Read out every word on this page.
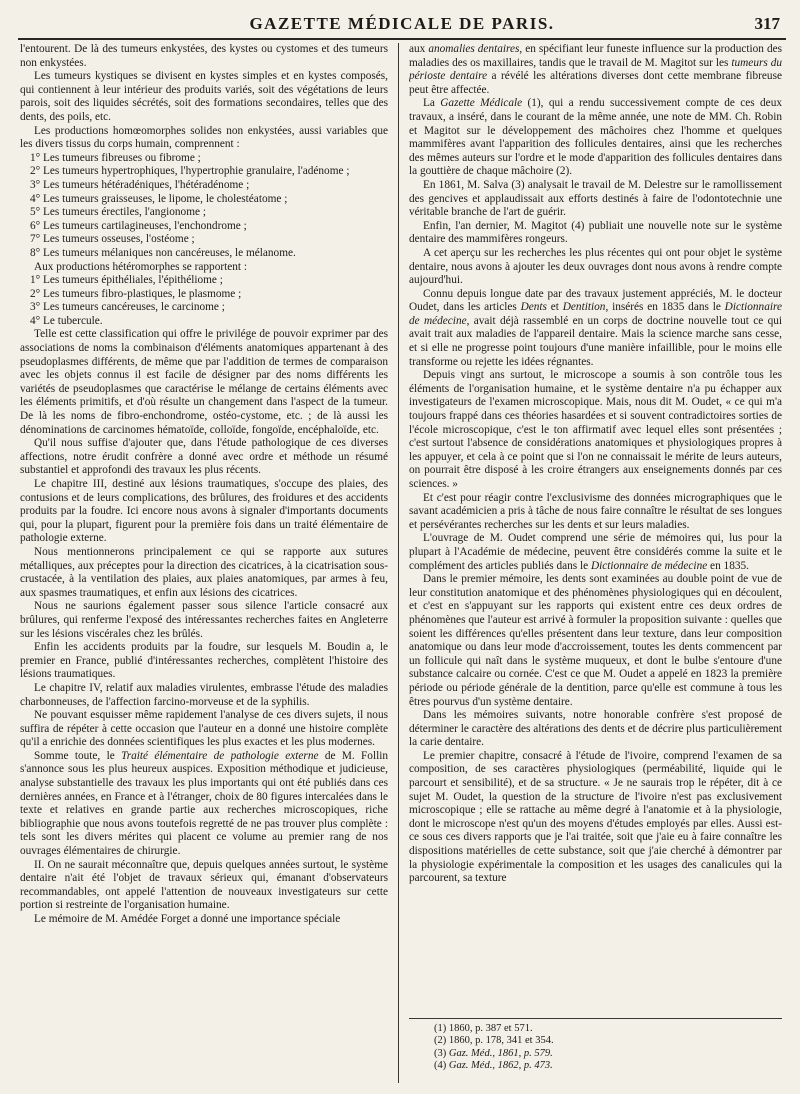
GAZETTE MÉDICALE DE PARIS.	317

l'entourent. De là des tumeurs enkystées, des kystes ou cystomes et des tumeurs non enkystées.

Les tumeurs kystiques se divisent en kystes simples et en kystes composés, qui contiennent à leur intérieur des produits variés, soit des végétations de leurs parois, soit des liquides sécrétés, soit des formations secondaires, telles que des dents, des poils, etc.

Les productions homœomorphes solides non enkystées, aussi variables que les divers tissus du corps humain, comprennent :

1° Les tumeurs fibreuses ou fibrome ;

2° Les tumeurs hypertrophiques, l'hypertrophie granulaire, l'adénome ;

3° Les tumeurs hétéradéniques, l'hétéradénome ;

4° Les tumeurs graisseuses, le lipome, le cholestéatome ;

5° Les tumeurs érectiles, l'angionome ;

6° Les tumeurs cartilagineuses, l'enchondrome ;

7° Les tumeurs osseuses, l'ostéome ;

8° Les tumeurs mélaniques non cancéreuses, le mélanome.

Aux productions hétéromorphes se rapportent :

1° Les tumeurs épithéliales, l'épithéliome ;

2° Les tumeurs fibro-plastiques, le plasmome ;

3° Les tumeurs cancéreuses, le carcinome ;

4° Le tubercule.

Telle est cette classification qui offre le privilége de pouvoir exprimer par des associations de noms la combinaison d'éléments anatomiques appartenant à des pseudoplasmes différents, de même que par l'addition de termes de comparaison avec les objets connus il est facile de désigner par des noms différents les variétés de pseudoplasmes que caractérise le mélange de certains éléments avec les éléments primitifs, et d'où résulte un changement dans l'aspect de la tumeur. De là les noms de fibro-enchondrome, ostéo-cystome, etc. ; de là aussi les dénominations de carcinomes hématoïde, colloïde, fongoïde, encéphaloïde, etc.

Qu'il nous suffise d'ajouter que, dans l'étude pathologique de ces diverses affections, notre érudit confrère a donné avec ordre et méthode un résumé substantiel et approfondi des travaux les plus récents.

Le chapitre III, destiné aux lésions traumatiques, s'occupe des plaies, des contusions et de leurs complications, des brûlures, des froidures et des accidents produits par la foudre. Ici encore nous avons à signaler d'importants documents qui, pour la plupart, figurent pour la première fois dans un traité élémentaire de pathologie externe.

Nous mentionnerons principalement ce qui se rapporte aux sutures métalliques, aux préceptes pour la direction des cicatrices, à la cicatrisation sous-crustacée, à la ventilation des plaies, aux plaies anatomiques, par armes à feu, aux spasmes traumatiques, et enfin aux lésions des cicatrices.

Nous ne saurions également passer sous silence l'article consacré aux brûlures, qui renferme l'exposé des intéressantes recherches faites en Angleterre sur les lésions viscérales chez les brûlés.

Enfin les accidents produits par la foudre, sur lesquels M. Boudin a, le premier en France, publié d'intéressantes recherches, complètent l'histoire des lésions traumatiques.

Le chapitre IV, relatif aux maladies virulentes, embrasse l'étude des maladies charbonneuses, de l'affection farcino-morveuse et de la syphilis.

Ne pouvant esquisser même rapidement l'analyse de ces divers sujets, il nous suffira de répéter à cette occasion que l'auteur en a donné une histoire complète qu'il a enrichie des données scientifiques les plus exactes et les plus modernes.

Somme toute, le Traité élémentaire de pathologie externe de M. Follin s'annonce sous les plus heureux auspices. Exposition méthodique et judicieuse, analyse substantielle des travaux les plus importants qui ont été publiés dans ces dernières années, en France et à l'étranger, choix de 80 figures intercalées dans le texte et relatives en grande partie aux recherches microscopiques, riche bibliographie que nous avons toutefois regretté de ne pas trouver plus complète : tels sont les divers mérites qui placent ce volume au premier rang de nos ouvrages élémentaires de chirurgie.

II. On ne saurait méconnaître que, depuis quelques années surtout, le système dentaire n'ait été l'objet de travaux sérieux qui, émanant d'observateurs recommandables, ont appelé l'attention de nouveaux investigateurs sur cette portion si restreinte de l'organisation humaine.

Le mémoire de M. Amédée Forget a donné une importance spéciale

aux anomalies dentaires, en spécifiant leur funeste influence sur la production des maladies des os maxillaires, tandis que le travail de M. Magitot sur les tumeurs du périoste dentaire a révélé les altérations diverses dont cette membrane fibreuse peut être affectée.

La Gazette Médicale (1), qui a rendu successivement compte de ces deux travaux, a inséré, dans le courant de la même année, une note de MM. Ch. Robin et Magitot sur le développement des mâchoires chez l'homme et quelques mammifères avant l'apparition des follicules dentaires, ainsi que les recherches des mêmes auteurs sur l'ordre et le mode d'apparition des follicules dentaires dans la gouttière de chaque mâchoire (2).

En 1861, M. Salva (3) analysait le travail de M. Delestre sur le ramollissement des gencives et applaudissait aux efforts destinés à faire de l'odontotechnie une véritable branche de l'art de guérir.

Enfin, l'an dernier, M. Magitot (4) publiait une nouvelle note sur le système dentaire des mammifères rongeurs.

A cet aperçu sur les recherches les plus récentes qui ont pour objet le système dentaire, nous avons à ajouter les deux ouvrages dont nous avons à rendre compte aujourd'hui.

Connu depuis longue date par des travaux justement appréciés, M. le docteur Oudet, dans les articles Dents et Dentition, insérés en 1835 dans le Dictionnaire de médecine, avait déjà rassemblé en un corps de doctrine nouvelle tout ce qui avait trait aux maladies de l'appareil dentaire. Mais la science marche sans cesse, et si elle ne progresse point toujours d'une manière infaillible, pour le moins elle transforme ou rejette les idées régnantes.

Depuis vingt ans surtout, le microscope a soumis à son contrôle tous les éléments de l'organisation humaine, et le système dentaire n'a pu échapper aux investigateurs de l'examen microscopique. Mais, nous dit M. Oudet, « ce qui m'a toujours frappé dans ces théories hasardées et si souvent contradictoires sorties de l'école microscopique, c'est le ton affirmatif avec lequel elles sont présentées ; c'est surtout l'absence de considérations anatomiques et physiologiques propres à les appuyer, et cela à ce point que si l'on ne connaissait le mérite de leurs auteurs, on pourrait être disposé à les croire étrangers aux enseignements donnés par ces sciences. »

Et c'est pour réagir contre l'exclusivisme des données micrographiques que le savant académicien a pris à tâche de nous faire connaître le résultat de ses longues et persévérantes recherches sur les dents et sur leurs maladies.

L'ouvrage de M. Oudet comprend une série de mémoires qui, lus pour la plupart à l'Académie de médecine, peuvent être considérés comme la suite et le complément des articles publiés dans le Dictionnaire de médecine en 1835.

Dans le premier mémoire, les dents sont examinées au double point de vue de leur constitution anatomique et des phénomènes physiologiques qui en découlent, et c'est en s'appuyant sur les rapports qui existent entre ces deux ordres de phénomènes que l'auteur est arrivé à formuler la proposition suivante : quelles que soient les différences qu'elles présentent dans leur texture, dans leur composition anatomique ou dans leur mode d'accroissement, toutes les dents commencent par un follicule qui naît dans le système muqueux, et dont le bulbe s'entoure d'une substance calcaire ou cornée. C'est ce que M. Oudet a appelé en 1823 la première période ou période générale de la dentition, parce qu'elle est commune à tous les êtres pourvus d'un système dentaire.

Dans les mémoires suivants, notre honorable confrère s'est proposé de déterminer le caractère des altérations des dents et de décrire plus particulièrement la carie dentaire.

Le premier chapitre, consacré à l'étude de l'ivoire, comprend l'examen de sa composition, de ses caractères physiologiques (perméabilité, liquide qui le parcourt et sensibilité), et de sa structure. « Je ne saurais trop le répéter, dit à ce sujet M. Oudet, la question de la structure de l'ivoire n'est pas exclusivement microscopique ; elle se rattache au même degré à l'anatomie et à la physiologie, dont le microscope n'est qu'un des moyens d'études employés par elles. Aussi est-ce sous ces divers rapports que je l'ai traitée, soit que j'aie eu à faire connaître les dispositions matérielles de cette substance, soit que j'aie cherché à démontrer par la physiologie expérimentale la composition et les usages des canalicules qui la parcourent, sa texture

(1) 1860, p. 387 et 571.

(2) 1860, p. 178, 341 et 354.

(3) Gaz. Méd., 1861, p. 579.

(4) Gaz. Méd., 1862, p. 473.
